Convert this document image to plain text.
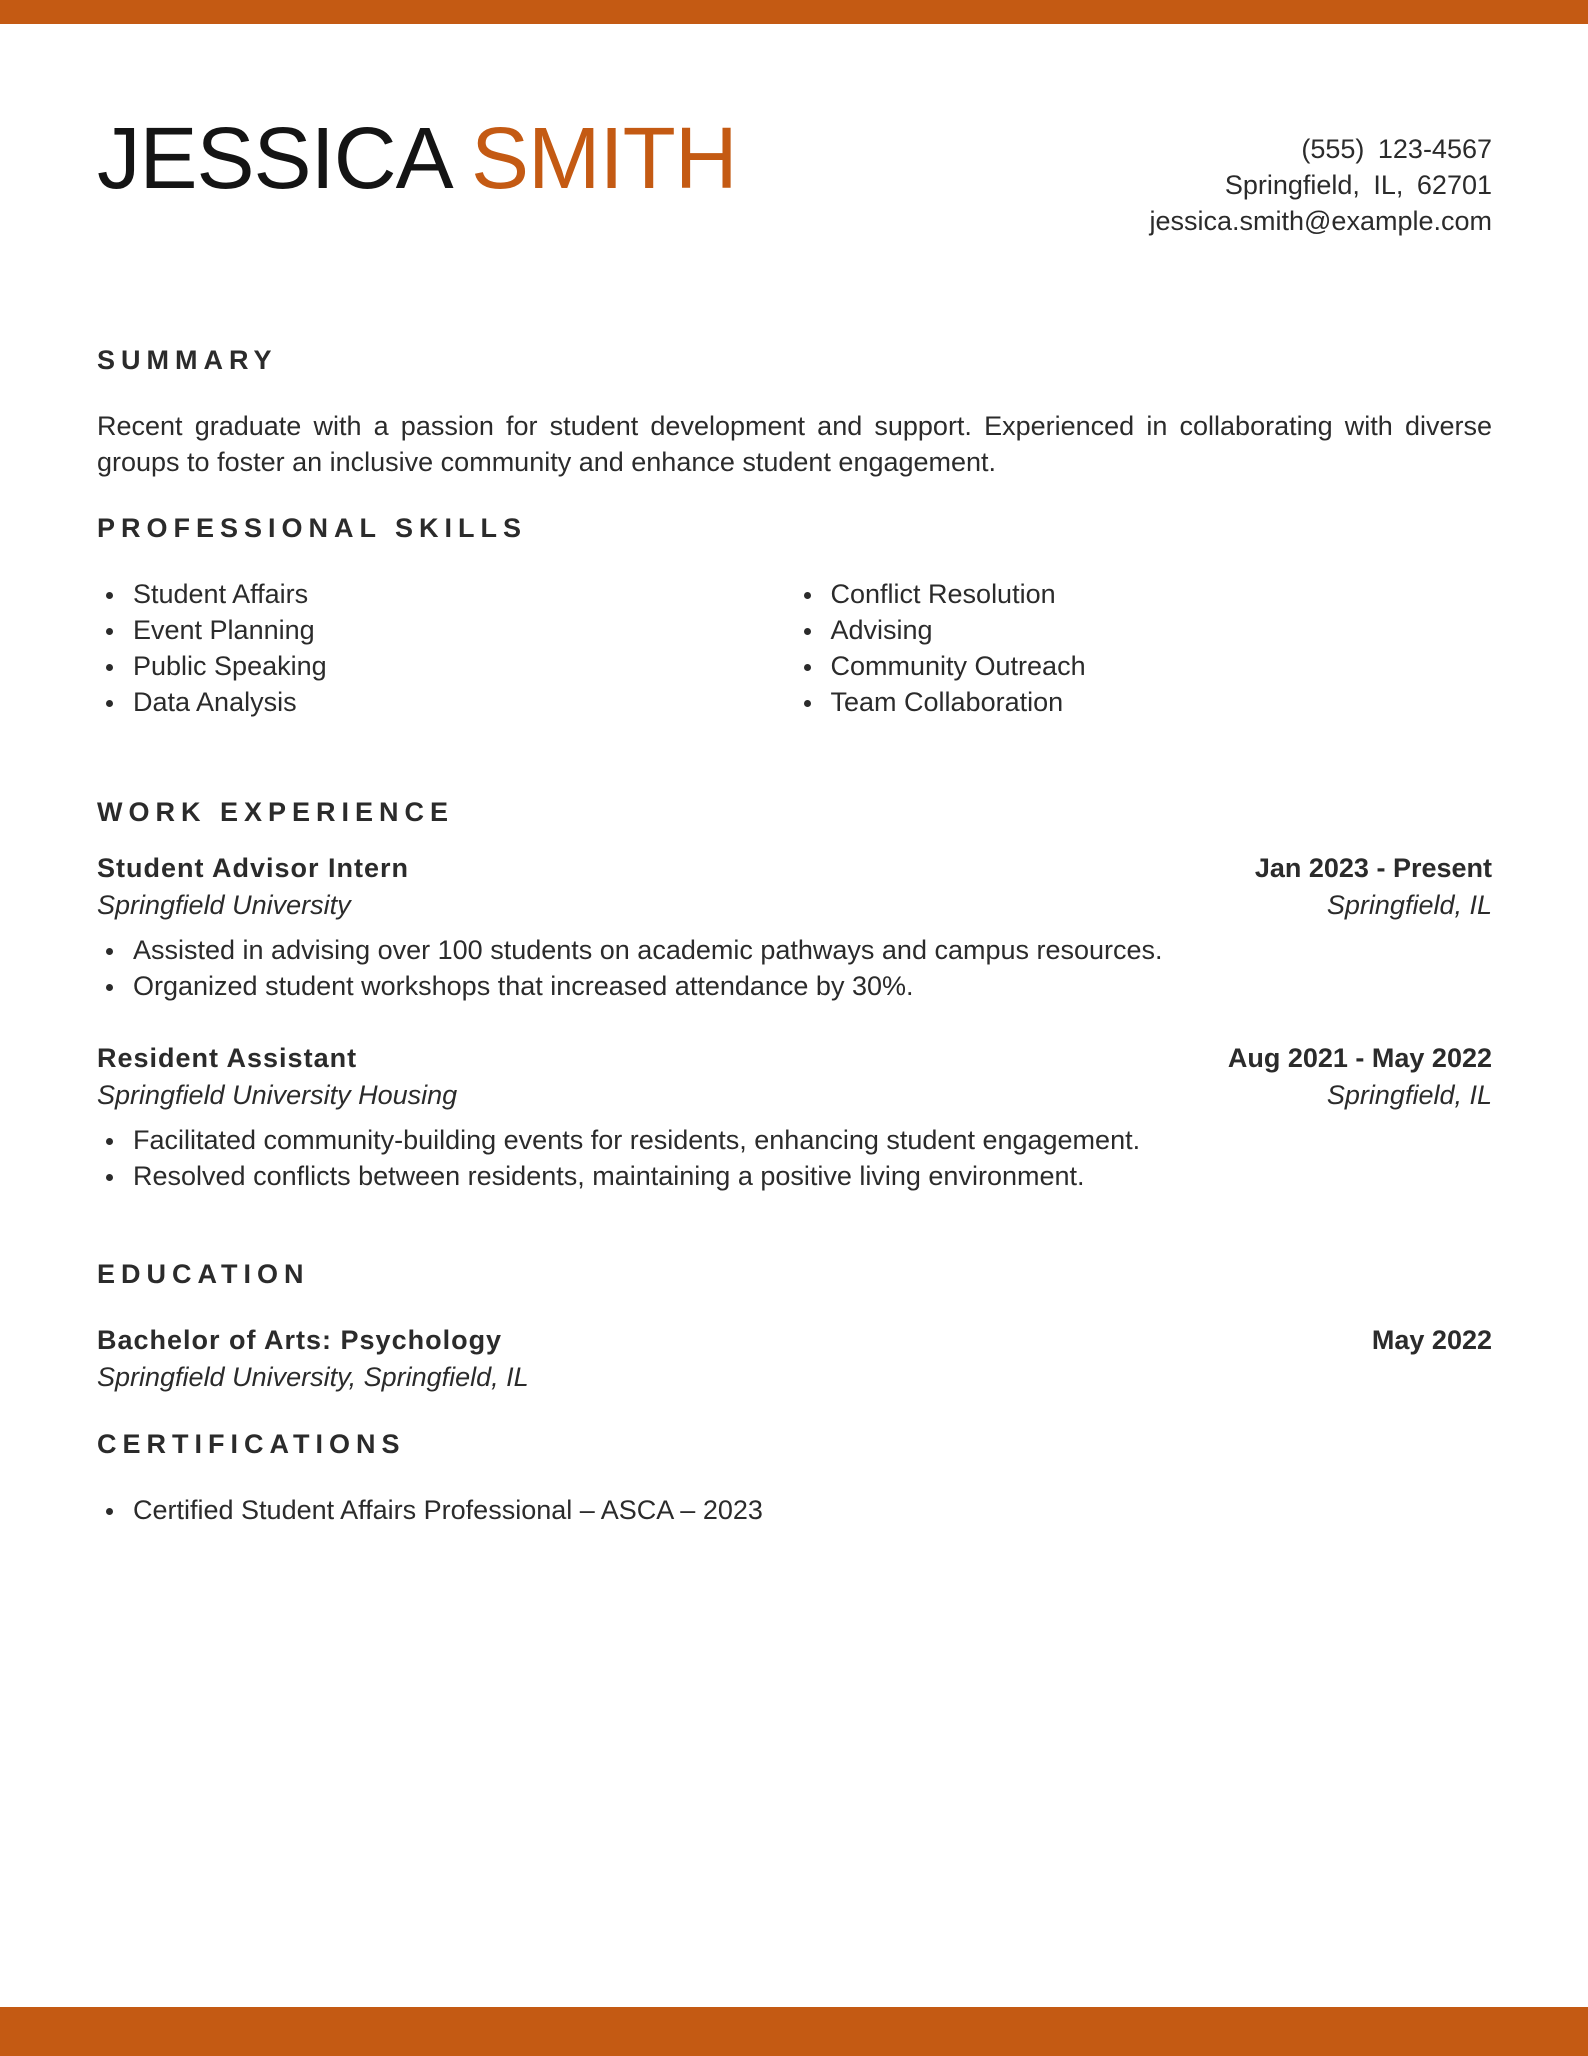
JESSICA SMITH	(555) 123-4567
Springfield, IL, 62701
jessica.smith@example.com
SUMMARY
Recent graduate with a passion for student development and support. Experienced in collaborating with diverse groups to foster an inclusive community and enhance student engagement.
PROFESSIONAL SKILLS
Student Affairs
Event Planning
Public Speaking
Data Analysis
Conflict Resolution
Advising
Community Outreach
Team Collaboration
WORK EXPERIENCE
Student Advisor Intern	Jan 2023 - Present
Springfield University	Springfield, IL
Assisted in advising over 100 students on academic pathways and campus resources.
Organized student workshops that increased attendance by 30%.
Resident Assistant	Aug 2021 - May 2022
Springfield University Housing	Springfield, IL
Facilitated community-building events for residents, enhancing student engagement.
Resolved conflicts between residents, maintaining a positive living environment.
EDUCATION
Bachelor of Arts: Psychology	May 2022
Springfield University, Springfield, IL
CERTIFICATIONS
Certified Student Affairs Professional – ASCA – 2023
